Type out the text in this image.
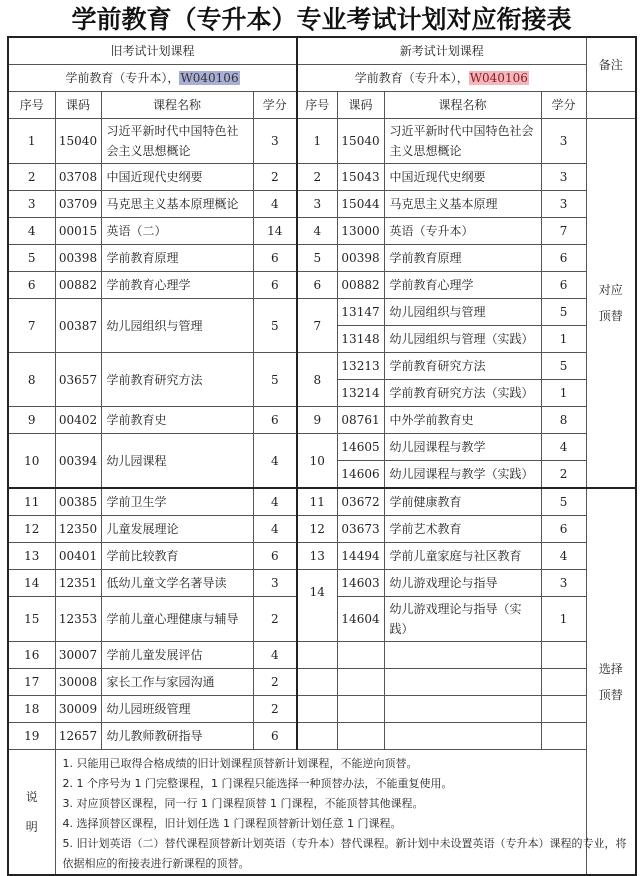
学前教育（专升本）专业考试计划对应衔接表
旧考试计划课程				新考试计划课程				备注
学前教育（专升本），W040106				学前教育（专升本），W040106				
序号	课码	课程名称	学分	序号	课码	课程名称	学分	
1	15040	习近平新时代中国特色社会主义思想概论	3	1	15040	习近平新时代中国特色社会主义思想概论	3	对应
顶替
2	03708	中国近现代史纲要	2	2	15043	中国近现代史纲要	3	
3	03709	马克思主义基本原理概论	4	3	15044	马克思主义基本原理	3	
4	00015	英语（二）	14	4	13000	英语（专升本）	7	
5	00398	学前教育原理	6	5	00398	学前教育原理	6	
6	00882	学前教育心理学	6	6	00882	学前教育心理学	6	
7	00387	幼儿园组织与管理	5	7	13147	幼儿园组织与管理	5	
					13148	幼儿园组织与管理（实践）	1	
8	03657	学前教育研究方法	5	8	13213	学前教育研究方法	5	
					13214	学前教育研究方法（实践）	1	
9	00402	学前教育史	6	9	08761	中外学前教育史	8	
10	00394	幼儿园课程	4	10	14605	幼儿园课程与教学	4	
					14606	幼儿园课程与教学（实践）	2	
11	00385	学前卫生学	4	11	03672	学前健康教育	5	选择
顶替
12	12350	儿童发展理论	4	12	03673	学前艺术教育	6	
13	00401	学前比较教育	6	13	14494	学前儿童家庭与社区教育	4	
14	12351	低幼儿童文学名著导读	3	14	14603	幼儿游戏理论与指导	3	
15	12353	学前儿童心理健康与辅导	2		14604	幼儿游戏理论与指导（实践）	1	
16	30007	学前儿童发展评估	4					
17	30008	家长工作与家园沟通	2					
18	30009	幼儿园班级管理	2					
19	12657	幼儿教师教研指导	6					
说
明	1. 只能用已取得合格成绩的旧计划课程顶替新计划课程，不能逆向顶替。
2. 1 个序号为 1 门完整课程，1 门课程只能选择一种顶替办法，不能重复使用。
3. 对应顶替区课程，同一行 1 门课程顶替 1 门课程，不能顶替其他课程。
4. 选择顶替区课程，旧计划任选 1 门课程顶替新计划任意 1 门课程。
5. 旧计划英语（二）替代课程顶替新计划英语（专升本）替代课程。新计划中未设置英语（专升本）课程的专业，将依据相应的衔接表进行新课程的顶替。							
